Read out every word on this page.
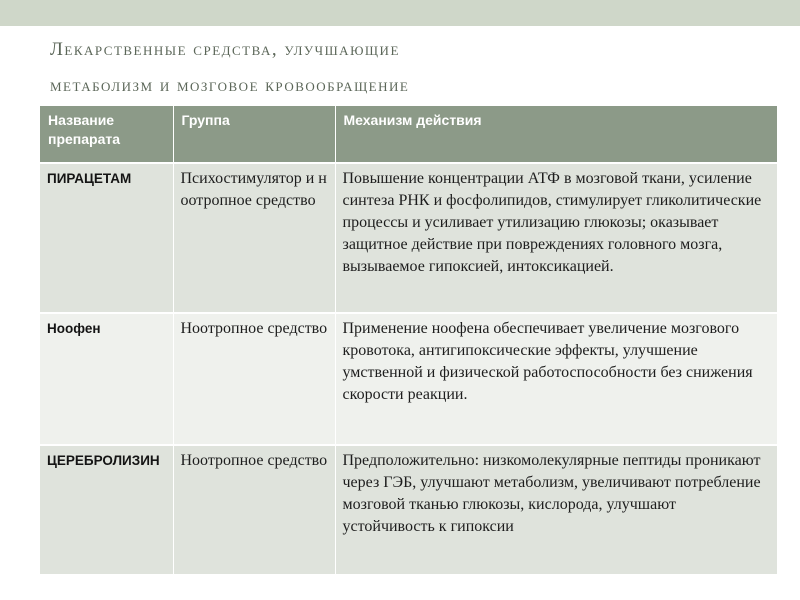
Лекарственные средства, улучшающие
метаболизм и мозговое кровообращение
Название препарата	Группа	Механизм действия
ПИРАЦЕТАМ	Психостимулятор и ноотропное средство	Повышение концентрации АТФ в мозговой ткани, усиление синтеза РНК и фосфолипидов, стимулирует гликолитические процессы и усиливает утилизацию глюкозы; оказывает защитное действие при повреждениях головного мозга, вызываемое гипоксией, интоксикацией.
Ноофен	Ноотропное средство	Применение ноофена обеспечивает увеличение мозгового кровотока, антигипоксические эффекты, улучшение умственной и физической работоспособности без снижения скорости реакции.
ЦЕРЕБРОЛИЗИН	Ноотропное средство	Предположительно: низкомолекулярные пептиды проникают через ГЭБ, улучшают метаболизм, увеличивают потребление мозговой тканью глюкозы, кислорода, улучшают устойчивость к гипоксии
